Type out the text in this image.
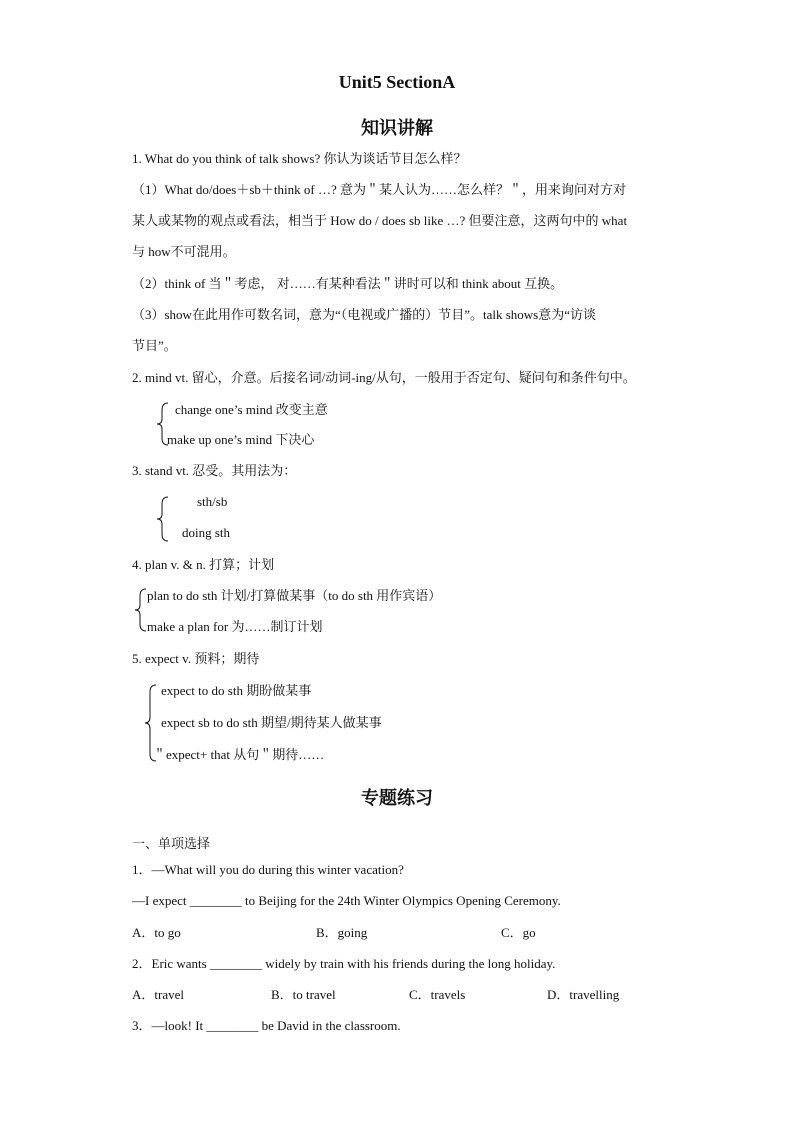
Unit5 SectionA
知识讲解
1. What do you think of talk shows? 你认为谈话节目怎么样？
（1）What do/does＋sb＋think of …? 意为＂某人认为……怎么样？＂，用来询问对方对
某人或某物的观点或看法，相当于 How do / does sb like …? 但要注意，这两句中的 what
与 how不可混用。
（2）think of 当＂考虑， 对……有某种看法＂讲时可以和 think about 互换。
（3）show在此用作可数名词，意为“（电视或广播的）节目”。talk shows意为“访谈
节目”。
2. mind vt. 留心，介意。后接名词/动词-ing/从句，一般用于否定句、疑问句和条件句中。
change one’s mind 改变主意
make up one’s mind 下决心
3. stand vt. 忍受。其用法为：
sth/sb
doing sth
4. plan v. & n. 打算；计划
plan to do sth 计划/打算做某事（to do sth 用作宾语）
make a plan for 为……制订计划
5. expect v. 预料；期待
expect to do sth 期盼做某事
expect sb to do sth 期望/期待某人做某事
＂expect+ that 从句＂期待……
专题练习
一、单项选择
1．—What will you do during this winter vacation?
—I expect ________ to Beijing for the 24th Winter Olympics Opening Ceremony.
A．to go	B．going	C．go
2．Eric wants ________ widely by train with his friends during the long holiday.
A．travel	B．to travel	C．travels	D．travelling
3．—look! It ________ be David in the classroom.
